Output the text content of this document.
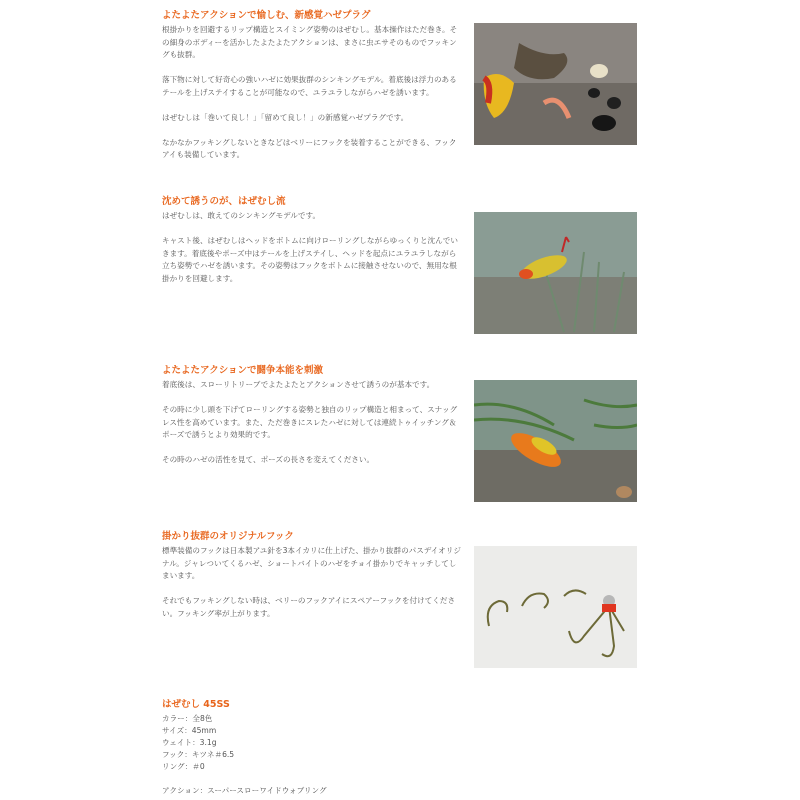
よたよたアクションで愉しむ、新感覚ハゼプラグ

根掛かりを回避するリップ構造とスイミング姿勢のはぜむし。基本操作はただ巻き。その細身のボディーを活かしたよたよたアクションは、まさに虫エサそのものでフッキングも抜群。

落下物に対して好奇心の強いハゼに効果抜群のシンキングモデル。着底後は浮力のあるテールを上げステイすることが可能なので、ユラユラしながらハゼを誘います。

はぜむしは「巻いて良し！」「留めて良し！」の新感覚ハゼプラグです。

なかなかフッキングしないときなどはベリーにフックを装着することができる、フックアイも装備しています。

沈めて誘うのが、はぜむし流

はぜむしは、敢えてのシンキングモデルです。

キャスト後、はぜむしはヘッドをボトムに向けローリングしながらゆっくりと沈んでいきます。着底後やポーズ中はテールを上げステイし、ヘッドを起点にユラユラしながら立ち姿勢でハゼを誘います。その姿勢はフックをボトムに接触させないので、無用な根掛かりを回避します。

よたよたアクションで闘争本能を刺激

着底後は、スローリトリーブでよたよたとアクションさせて誘うのが基本です。

その時に少し頭を下げてローリングする姿勢と独自のリップ構造と相まって、スナッグレス性を高めています。また、ただ巻きにスレたハゼに対しては連続トゥイッチング＆ポーズで誘うとより効果的です。

その時のハゼの活性を見て、ポーズの長さを変えてください。

掛かり抜群のオリジナルフック

標準装備のフックは日本製アユ針を3本イカリに仕上げた、掛かり抜群のパスデイオリジナル。ジャレついてくるハゼ、ショートバイトのハゼをチョイ掛かりでキャッチしてしまいます。

それでもフッキングしない時は、ベリーのフックアイにスペアーフックを付けてください。フッキング率が上がります。

はぜむし 45SS

カラー：全8色

サイズ：45mm

ウェイト：3.1g

フック：キツネ＃6.5

リング：＃0

アクション：スーパースローワイドウォブリング
